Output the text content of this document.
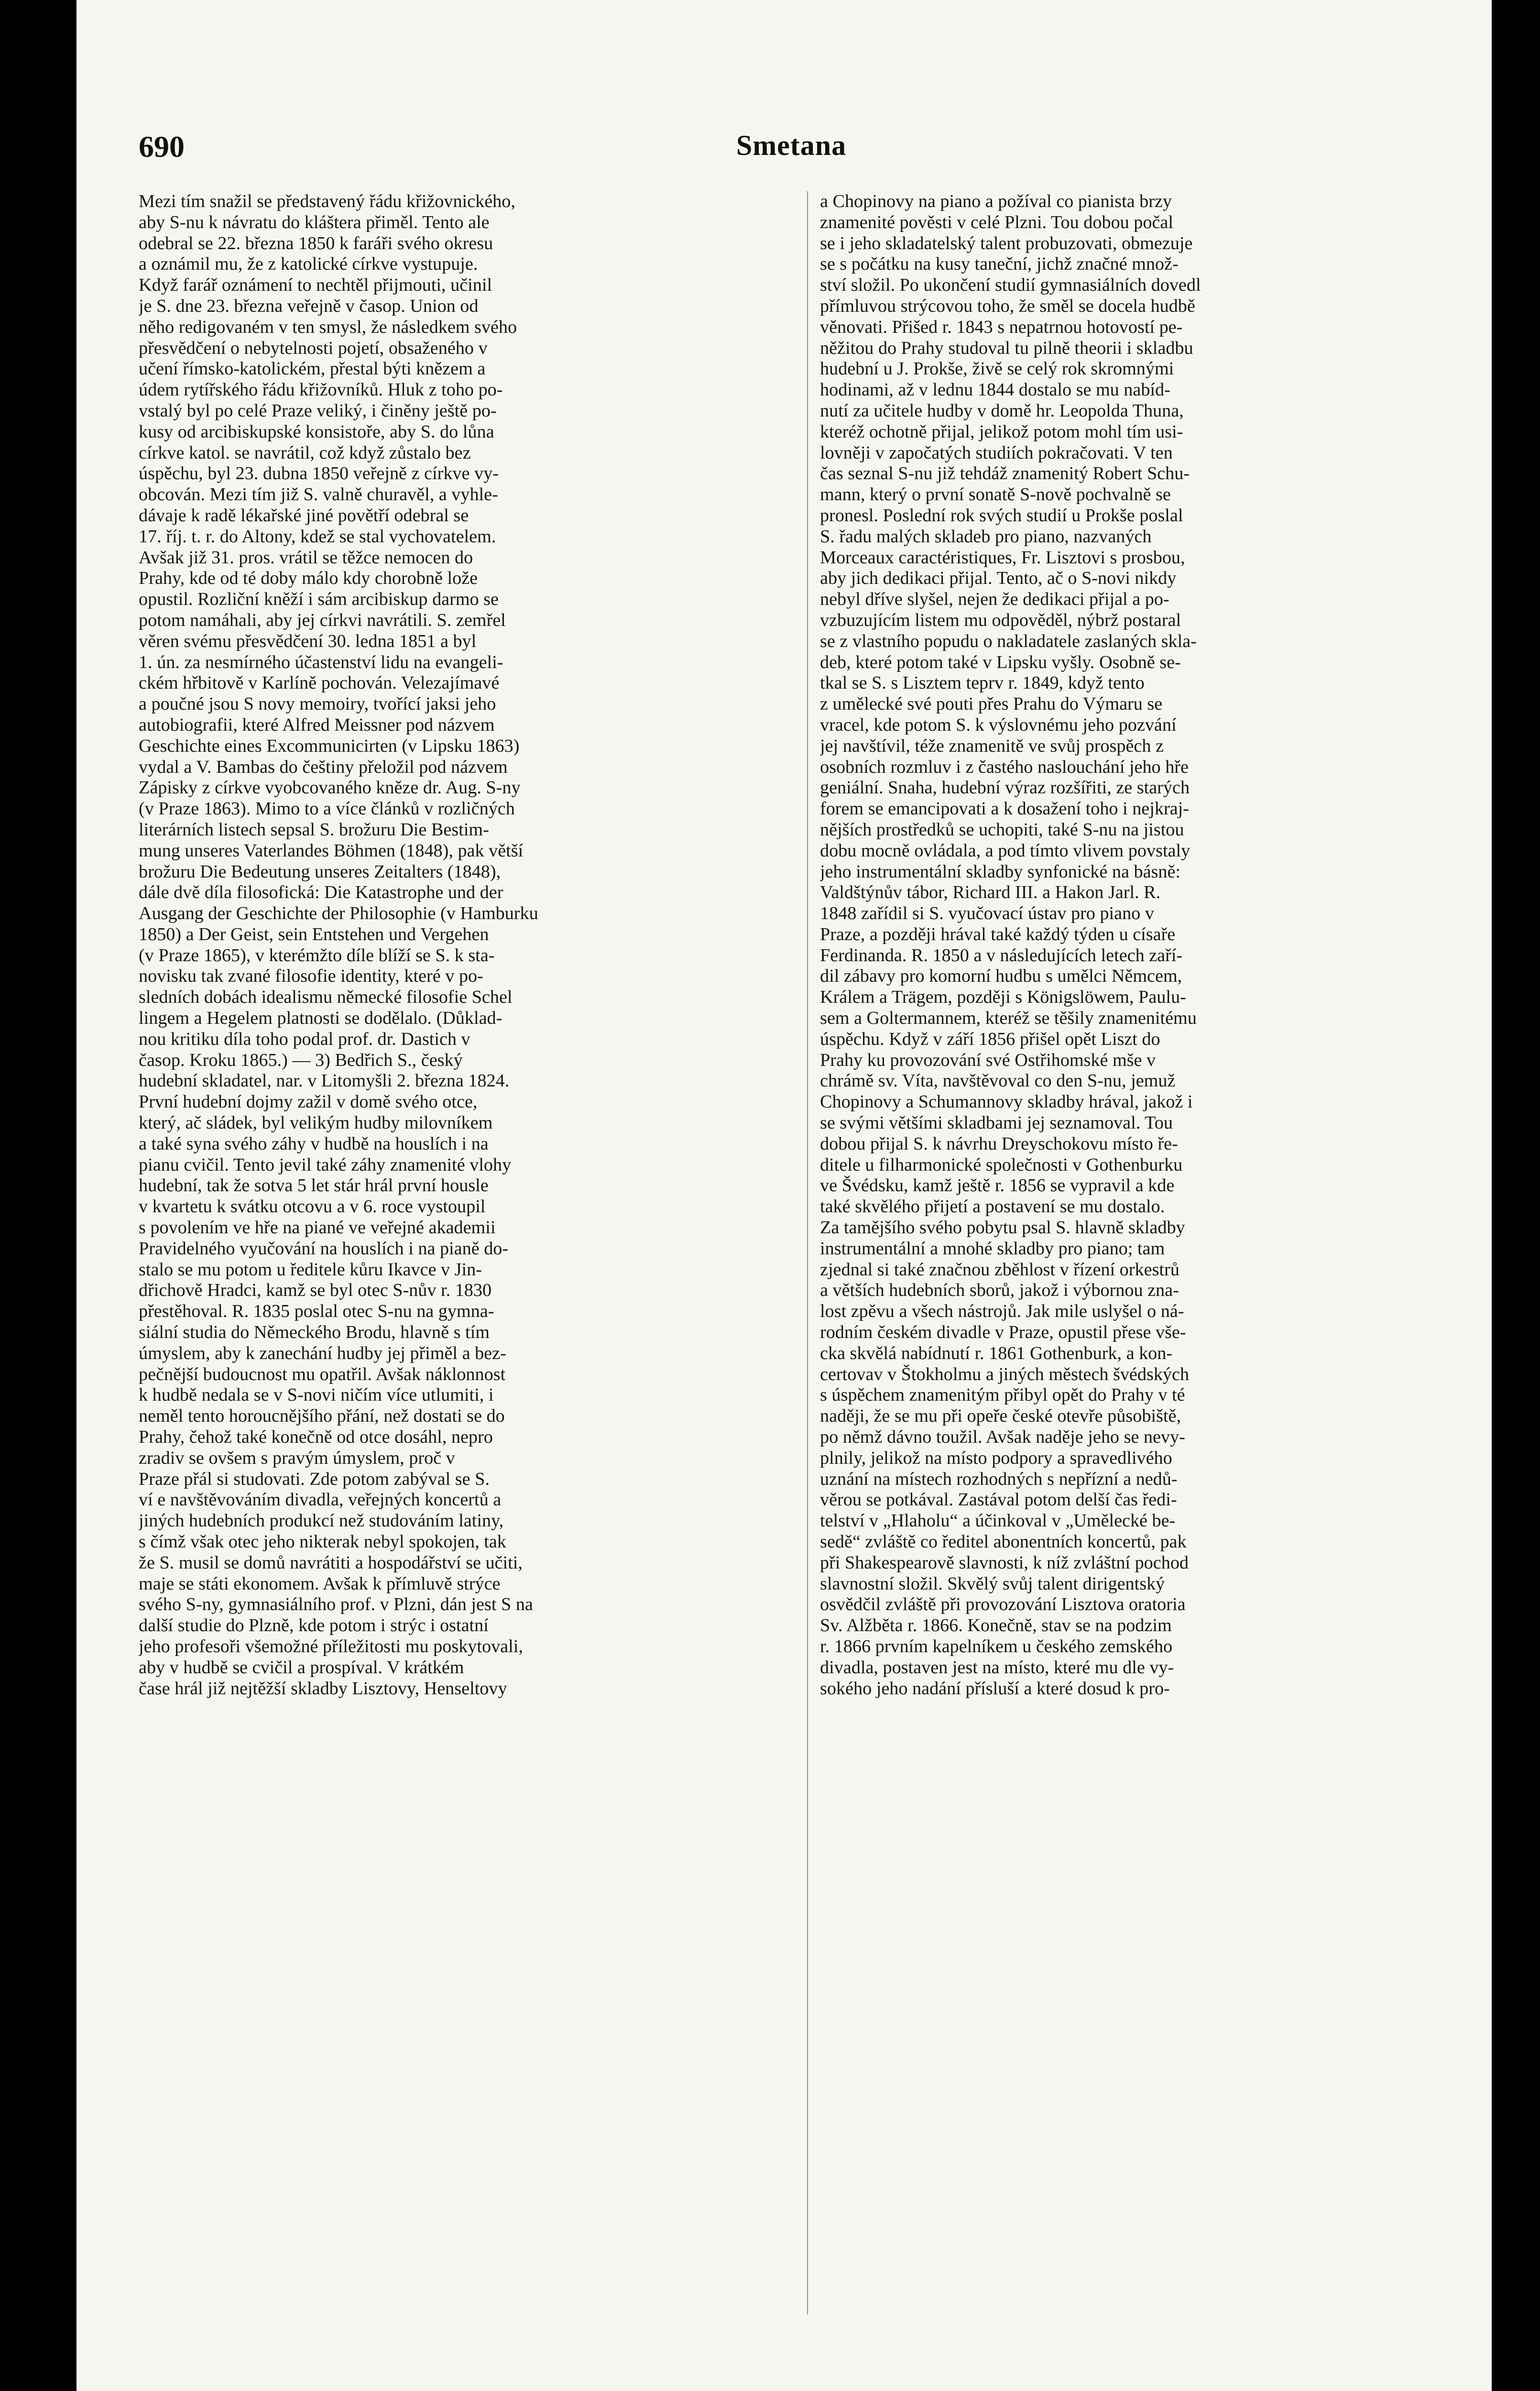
690	Smetana
Mezi tím snažil se představený řádu křižovnického,
aby S-nu k návratu do kláštera přiměl. Tento ale
odebral se 22. března 1850 k faráři svého okresu
a oznámil mu, že z katolické církve vystupuje.
Když farář oznámení to nechtěl přijmouti, učinil
je S. dne 23. března veřejně v časop. Union od
něho redigovaném v ten smysl, že následkem svého
přesvědčení o nebytelnosti pojetí, obsaženého v
učení římsko-katolickém, přestal býti knězem a
údem rytířského řádu křižovníků. Hluk z toho po-
vstalý byl po celé Praze veliký, i činěny ještě po-
kusy od arcibiskupské konsistoře, aby S. do lůna
církve katol. se navrátil, což když zůstalo bez
úspěchu, byl 23. dubna 1850 veřejně z církve vy-
obcován. Mezi tím již S. valně churavěl, a vyhle-
dávaje k radě lékařské jiné povětří odebral se
17. říj. t. r. do Altony, kdež se stal vychovatelem.
Avšak již 31. pros. vrátil se těžce nemocen do
Prahy, kde od té doby málo kdy chorobně lože
opustil. Rozliční kněží i sám arcibiskup darmo se
potom namáhali, aby jej církvi navrátili. S. zemřel
věren svému přesvědčení 30. ledna 1851 a byl
1. ún. za nesmírného účastenství lidu na evangeli-
ckém hřbitově v Karlíně pochován. Velezajímavé
a poučné jsou S novy memoiry, tvořící jaksi jeho
autobiografii, které Alfred Meissner pod názvem
Geschichte eines Excommunicirten (v Lipsku 1863)
vydal a V. Bambas do češtiny přeložil pod názvem
Zápisky z církve vyobcovaného kněze dr. Aug. S-ny
(v Praze 1863). Mimo to a více článků v rozličných
literárních listech sepsal S. brožuru Die Bestim-
mung unseres Vaterlandes Böhmen (1848), pak větší
brožuru Die Bedeutung unseres Zeitalters (1848),
dále dvě díla filosofická: Die Katastrophe und der
Ausgang der Geschichte der Philosophie (v Hamburku
1850) a Der Geist, sein Entstehen und Vergehen
(v Praze 1865), v kterémžto díle blíží se S. k sta-
novisku tak zvané filosofie identity, které v po-
sledních dobách idealismu německé filosofie Schel
lingem a Hegelem platnosti se dodělalo. (Důklad-
nou kritiku díla toho podal prof. dr. Dastich v
časop. Kroku 1865.) — 3) Bedřich S., český
hudební skladatel, nar. v Litomyšli 2. března 1824.
První hudební dojmy zažil v domě svého otce,
který, ač sládek, byl velikým hudby milovníkem
a také syna svého záhy v hudbě na houslích i na
pianu cvičil. Tento jevil také záhy znamenité vlohy
hudební, tak že sotva 5 let stár hrál první housle
v kvartetu k svátku otcovu a v 6. roce vystoupil
s povolením ve hře na piané ve veřejné akademii
Pravidelného vyučování na houslích i na pianě do-
stalo se mu potom u ředitele kůru Ikavce v Jin-
dřichově Hradci, kamž se byl otec S-nův r. 1830
přestěhoval. R. 1835 poslal otec S-nu na gymna-
siální studia do Německého Brodu, hlavně s tím
úmyslem, aby k zanechání hudby jej přiměl a bez-
pečnější budoucnost mu opatřil. Avšak náklonnost
k hudbě nedala se v S-novi ničím více utlumiti, i
neměl tento horoucnějšího přání, než dostati se do
Prahy, čehož také konečně od otce dosáhl, nepro
zradiv se ovšem s pravým úmyslem, proč v
Praze přál si studovati. Zde potom zabýval se S.
ví e navštěvováním divadla, veřejných koncertů a
jiných hudebních produkcí než studováním latiny,
s čímž však otec jeho nikterak nebyl spokojen, tak
že S. musil se domů navrátiti a hospodářství se učiti,
maje se státi ekonomem. Avšak k přímluvě strýce
svého S-ny, gymnasiálního prof. v Plzni, dán jest S na
další studie do Plzně, kde potom i strýc i ostatní
jeho profesoři všemožné příležitosti mu poskytovali,
aby v hudbě se cvičil a prospíval. V krátkém
čase hrál již nejtěžší skladby Lisztovy, Henseltovy
a Chopinovy na piano a požíval co pianista brzy
znamenité pověsti v celé Plzni. Tou dobou počal
se i jeho skladatelský talent probuzovati, obmezuje
se s počátku na kusy taneční, jichž značné množ-
ství složil. Po ukončení studií gymnasiálních dovedl
přímluvou strýcovou toho, že směl se docela hudbě
věnovati. Přišed r. 1843 s nepatrnou hotovostí pe-
něžitou do Prahy studoval tu pilně theorii i skladbu
hudební u J. Prokše, živě se celý rok skromnými
hodinami, až v lednu 1844 dostalo se mu nabíd-
nutí za učitele hudby v domě hr. Leopolda Thuna,
kteréž ochotně přijal, jelikož potom mohl tím usi-
lovněji v započatých studiích pokračovati. V ten
čas seznal S-nu již tehdáž znamenitý Robert Schu-
mann, který o první sonatě S-nově pochvalně se
pronesl. Poslední rok svých studií u Prokše poslal
S. řadu malých skladeb pro piano, nazvaných
Morceaux caractéristiques, Fr. Lisztovi s prosbou,
aby jich dedikaci přijal. Tento, ač o S-novi nikdy
nebyl dříve slyšel, nejen že dedikaci přijal a po-
vzbuzujícím listem mu odpověděl, nýbrž postaral
se z vlastního popudu o nakladatele zaslaných skla-
deb, které potom také v Lipsku vyšly. Osobně se-
tkal se S. s Lisztem teprv r. 1849, když tento
z umělecké své pouti přes Prahu do Výmaru se
vracel, kde potom S. k výslovnému jeho pozvání
jej navštívil, téže znamenitě ve svůj prospěch z
osobních rozmluv i z častého naslouchání jeho hře
geniální. Snaha, hudební výraz rozšířiti, ze starých
forem se emancipovati a k dosažení toho i nejkraj-
nějších prostředků se uchopiti, také S-nu na jistou
dobu mocně ovládala, a pod tímto vlivem povstaly
jeho instrumentální skladby synfonické na básně:
Valdštýnův tábor, Richard III. a Hakon Jarl. R.
1848 zařídil si S. vyučovací ústav pro piano v
Praze, a později hrával také každý týden u císaře
Ferdinanda. R. 1850 a v následujících letech zaří-
dil zábavy pro komorní hudbu s umělci Němcem,
Králem a Trägem, později s Königslöwem, Paulu-
sem a Goltermannem, kteréž se těšily znamenitému
úspěchu. Když v září 1856 přišel opět Liszt do
Prahy ku provozování své Ostřihomské mše v
chrámě sv. Víta, navštěvoval co den S-nu, jemuž
Chopinovy a Schumannovy skladby hrával, jakož i
se svými většími skladbami jej seznamoval. Tou
dobou přijal S. k návrhu Dreyschokovu místo ře-
ditele u filharmonické společnosti v Gothenburku
ve Švédsku, kamž ještě r. 1856 se vypravil a kde
také skvělého přijetí a postavení se mu dostalo.
Za tamějšího svého pobytu psal S. hlavně skladby
instrumentální a mnohé skladby pro piano; tam
zjednal si také značnou zběhlost v řízení orkestrů
a větších hudebních sborů, jakož i výbornou zna-
lost zpěvu a všech nástrojů. Jak mile uslyšel o ná-
rodním českém divadle v Praze, opustil přese vše-
cka skvělá nabídnutí r. 1861 Gothenburk, a kon-
certovav v Štokholmu a jiných městech švédských
s úspěchem znamenitým přibyl opět do Prahy v té
naději, že se mu při opeře české otevře působiště,
po němž dávno toužil. Avšak naděje jeho se nevy-
plnily, jelikož na místo podpory a spravedlivého
uznání na místech rozhodných s nepřízní a nedů-
věrou se potkával. Zastával potom delší čas ředi-
telství v „Hlaholu“ a účinkoval v „Umělecké be-
sedě“ zvláště co ředitel abonentních koncertů, pak
při Shakespearově slavnosti, k níž zvláštní pochod
slavnostní složil. Skvělý svůj talent dirigentský
osvědčil zvláště při provozování Lisztova oratoria
Sv. Alžběta r. 1866. Konečně, stav se na podzim
r. 1866 prvním kapelníkem u českého zemského
divadla, postaven jest na místo, které mu dle vy-
sokého jeho nadání přísluší a které dosud k pro-
